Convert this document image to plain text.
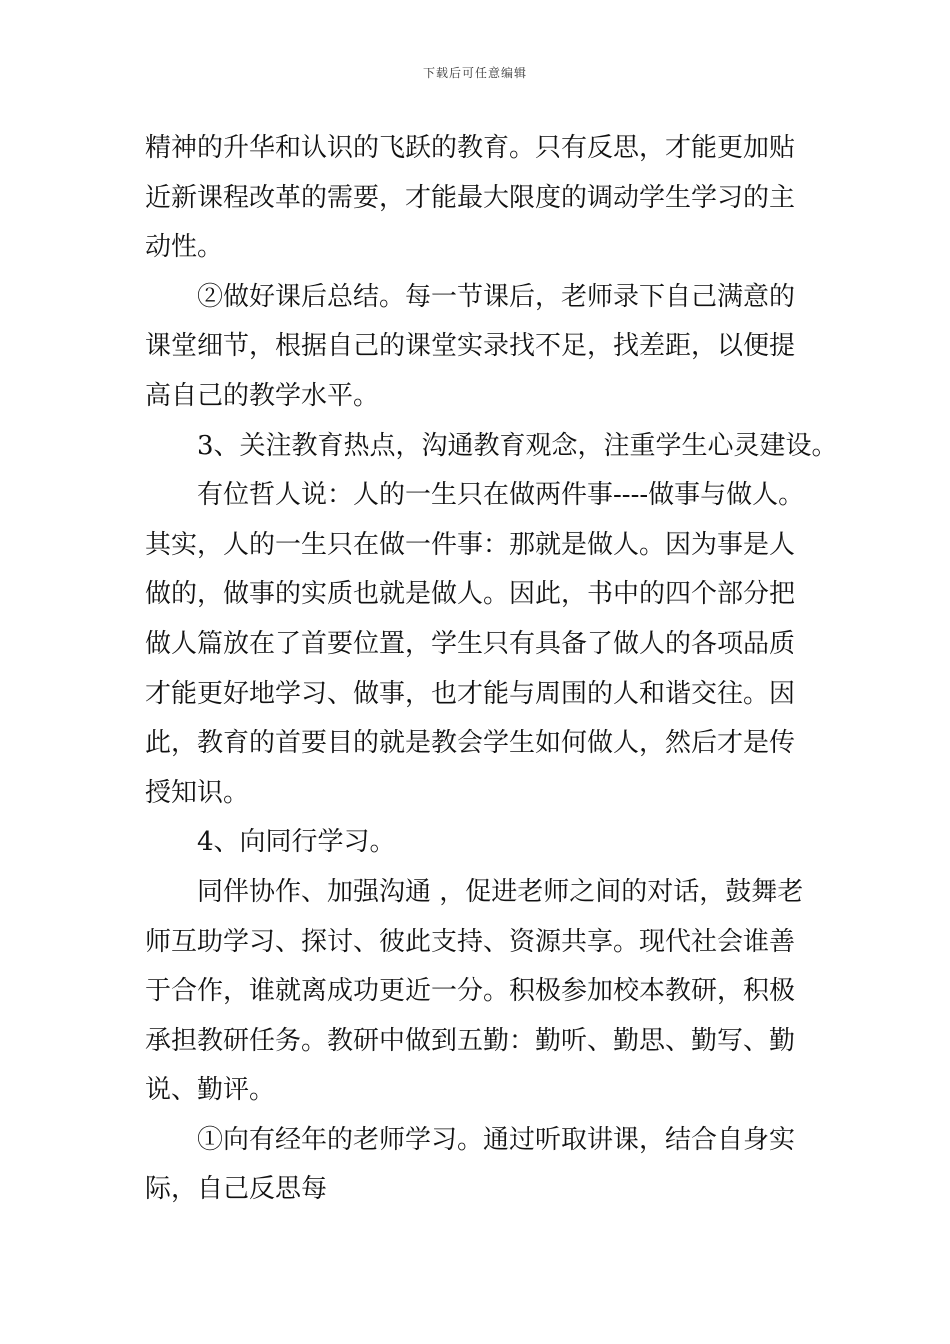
下载后可任意编辑
精神的升华和认识的飞跃的教育。只有反思，才能更加贴
近新课程改革的需要，才能最大限度的调动学生学习的主
动性。
②做好课后总结。每一节课后，老师录下自己满意的
课堂细节，根据自己的课堂实录找不足，找差距，以便提
高自己的教学水平。
3、关注教育热点，沟通教育观念，注重学生心灵建设。
有位哲人说：人的一生只在做两件事----做事与做人。
其实，人的一生只在做一件事：那就是做人。因为事是人
做的，做事的实质也就是做人。因此，书中的四个部分把
做人篇放在了首要位置，学生只有具备了做人的各项品质
才能更好地学习、做事，也才能与周围的人和谐交往。因
此，教育的首要目的就是教会学生如何做人，然后才是传
授知识。
4、向同行学习。
同伴协作、加强沟通 ，促进老师之间的对话，鼓舞老
师互助学习、探讨、彼此支持、资源共享。现代社会谁善
于合作，谁就离成功更近一分。积极参加校本教研，积极
承担教研任务。教研中做到五勤：勤听、勤思、勤写、勤
说、勤评。
①向有经年的老师学习。通过听取讲课，结合自身实
际，自己反思每
